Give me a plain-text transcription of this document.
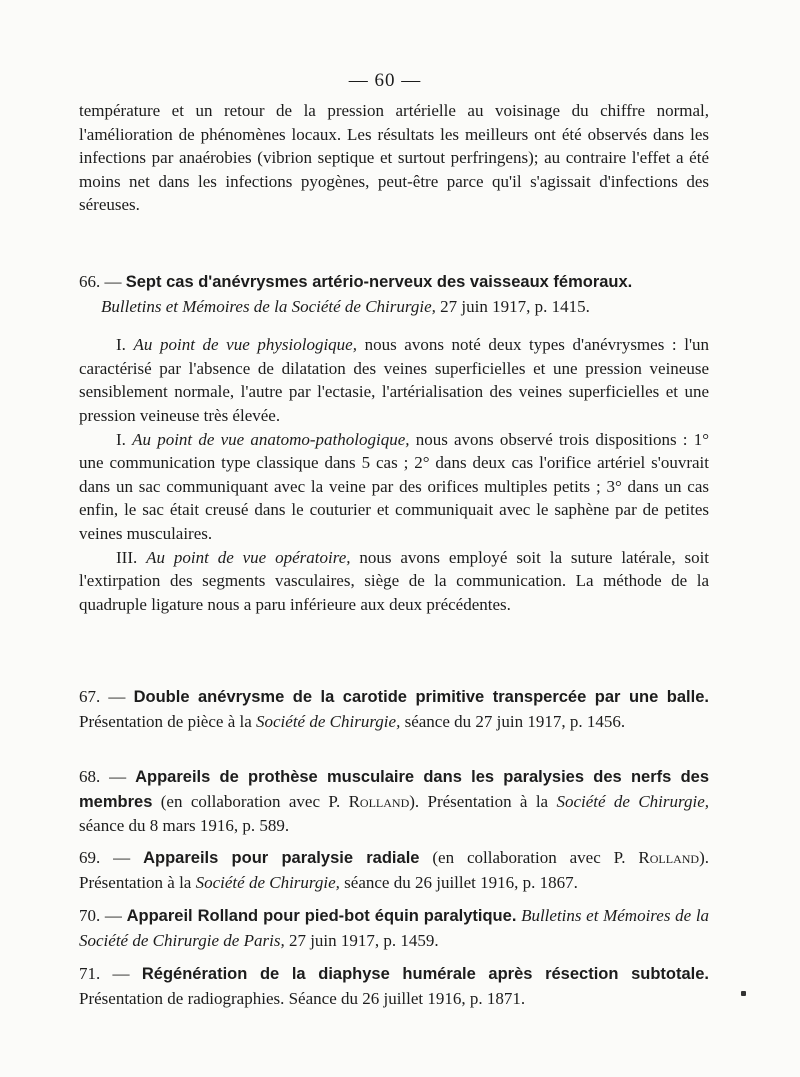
— 60 —

température et un retour de la pression artérielle au voisinage du chiffre normal, l'amélioration de phénomènes locaux. Les résultats les meilleurs ont été observés dans les infections par anaérobies (vibrion septique et surtout perfringens); au contraire l'effet a été moins net dans les infections pyogènes, peut-être parce qu'il s'agissait d'infections des séreuses.

66. — Sept cas d'anévrysmes artério-nerveux des vaisseaux fémoraux.

Bulletins et Mémoires de la Société de Chirurgie, 27 juin 1917, p. 1415.

I. Au point de vue physiologique, nous avons noté deux types d'anévrysmes : l'un caractérisé par l'absence de dilatation des veines superficielles et une pression veineuse sensiblement normale, l'autre par l'ectasie, l'artérialisation des veines superficielles et une pression veineuse très élevée.

I. Au point de vue anatomo-pathologique, nous avons observé trois dispositions : 1° une communication type classique dans 5 cas ; 2° dans deux cas l'orifice artériel s'ouvrait dans un sac communiquant avec la veine par des orifices multiples petits ; 3° dans un cas enfin, le sac était creusé dans le couturier et communiquait avec le saphène par de petites veines musculaires.

III. Au point de vue opératoire, nous avons employé soit la suture latérale, soit l'extirpation des segments vasculaires, siège de la communication. La méthode de la quadruple ligature nous a paru inférieure aux deux précédentes.

67. — Double anévrysme de la carotide primitive transpercée par une balle. Présentation de pièce à la Société de Chirurgie, séance du 27 juin 1917, p. 1456.

68. — Appareils de prothèse musculaire dans les paralysies des nerfs des membres (en collaboration avec P. Rolland). Présentation à la Société de Chirurgie, séance du 8 mars 1916, p. 589.

69. — Appareils pour paralysie radiale (en collaboration avec P. Rolland). Présentation à la Société de Chirurgie, séance du 26 juillet 1916, p. 1867.

70. — Appareil Rolland pour pied-bot équin paralytique. Bulletins et Mémoires de la Société de Chirurgie de Paris, 27 juin 1917, p. 1459.

71. — Régénération de la diaphyse humérale après résection subtotale. Présentation de radiographies. Séance du 26 juillet 1916, p. 1871.
